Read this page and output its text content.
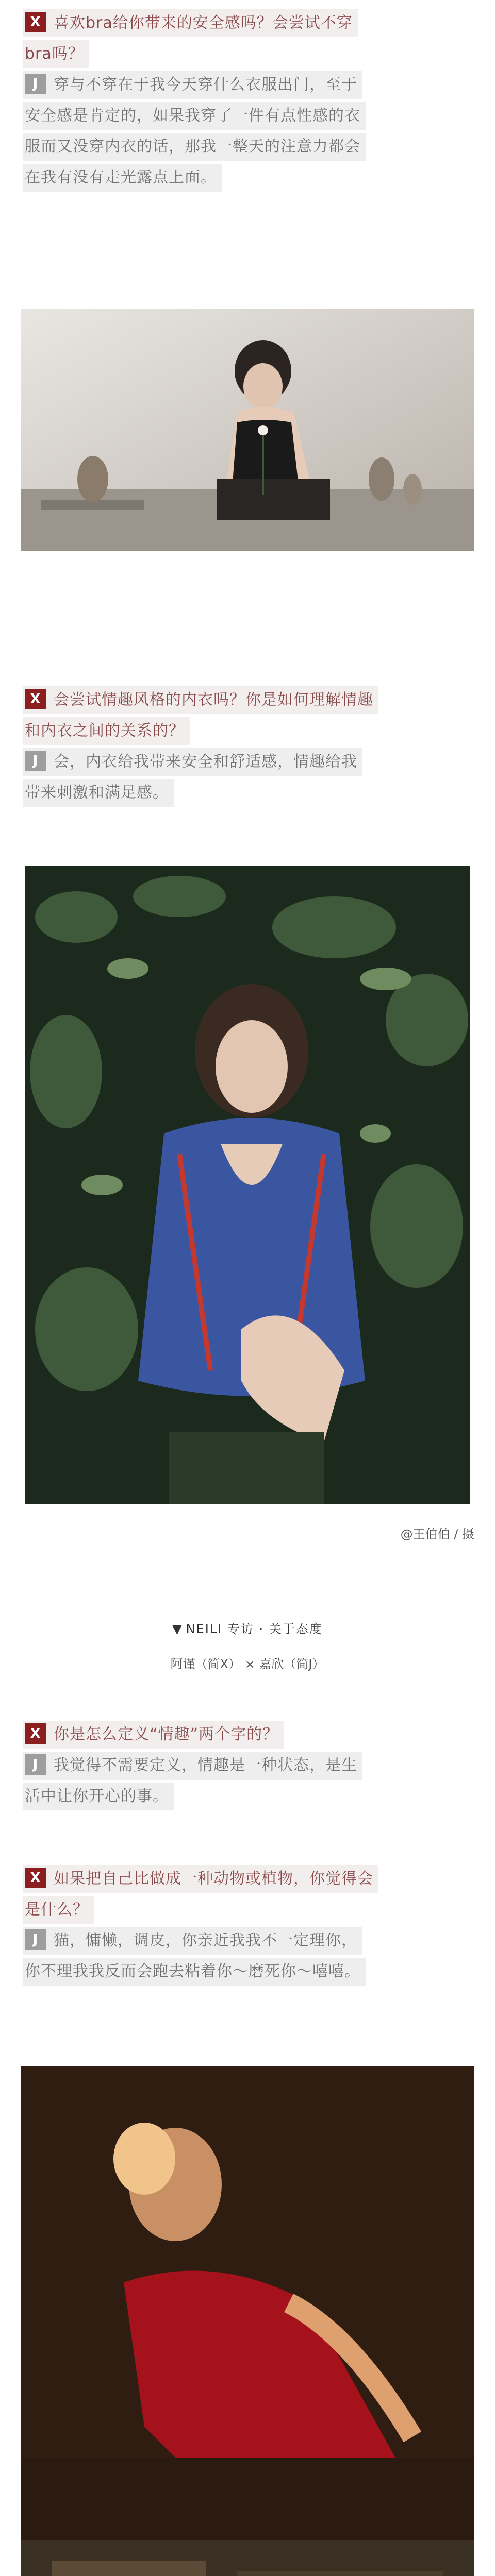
X 喜欢bra给你带来的安全感吗？会尝试不穿

bra吗？

J 穿与不穿在于我今天穿什么衣服出门，至于

安全感是肯定的，如果我穿了一件有点性感的衣

服而又没穿内衣的话，那我一整天的注意力都会

在我有没有走光露点上面。

X 会尝试情趣风格的内衣吗？你是如何理解情趣

和内衣之间的关系的？

J 会，内衣给我带来安全和舒适感，情趣给我

带来刺激和满足感。

@王伯伯 / 摄
▼ NEILI 专访 · 关于态度
阿谨（简X） × 嘉欣（简J）

X 你是怎么定义“情趣”两个字的？

J 我觉得不需要定义，情趣是一种状态，是生

活中让你开心的事。

X 如果把自己比做成一种动物或植物，你觉得会

是什么？

J 猫，慵懒，调皮，你亲近我我不一定理你，

你不理我我反而会跑去粘着你～磨死你～嘻嘻。
